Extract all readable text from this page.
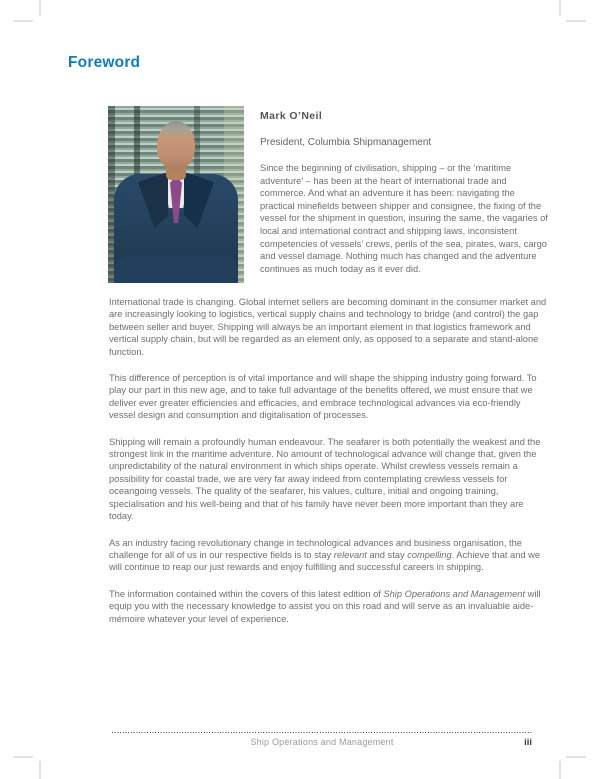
Foreword
Mark O’Neil
President, Columbia Shipmanagement
Since the beginning of civilisation, shipping – or the ‘maritime adventure’ – has been at the heart of international trade and commerce. And what an adventure it has been: navigating the practical minefields between shipper and consignee, the fixing of the vessel for the shipment in question, insuring the same, the vagaries of local and international contract and shipping laws, inconsistent competencies of vessels’ crews, perils of the sea, pirates, wars, cargo and vessel damage. Nothing much has changed and the adventure continues as much today as it ever did.

International trade is changing. Global internet sellers are becoming dominant in the consumer market and are increasingly looking to logistics, vertical supply chains and technology to bridge (and control) the gap between seller and buyer. Shipping will always be an important element in that logistics framework and vertical supply chain, but will be regarded as an element only, as opposed to a separate and stand-alone function.

This difference of perception is of vital importance and will shape the shipping industry going forward. To play our part in this new age, and to take full advantage of the benefits offered, we must ensure that we deliver ever greater efficiencies and efficacies, and embrace technological advances via eco-friendly vessel design and consumption and digitalisation of processes.

Shipping will remain a profoundly human endeavour. The seafarer is both potentially the weakest and the strongest link in the maritime adventure. No amount of technological advance will change that, given the unpredictability of the natural environment in which ships operate. Whilst crewless vessels remain a possibility for coastal trade, we are very far away indeed from contemplating crewless vessels for oceangoing vessels. The quality of the seafarer, his values, culture, initial and ongoing training, specialisation and his well-being and that of his family have never been more important than they are today.

As an industry facing revolutionary change in technological advances and business organisation, the challenge for all of us in our respective fields is to stay relevant and stay compelling. Achieve that and we will continue to reap our just rewards and enjoy fulfilling and successful careers in shipping.

The information contained within the covers of this latest edition of Ship Operations and Management will equip you with the necessary knowledge to assist you on this road and will serve as an invaluable aide-mémoire whatever your level of experience.

Ship Operations and Management	iii
